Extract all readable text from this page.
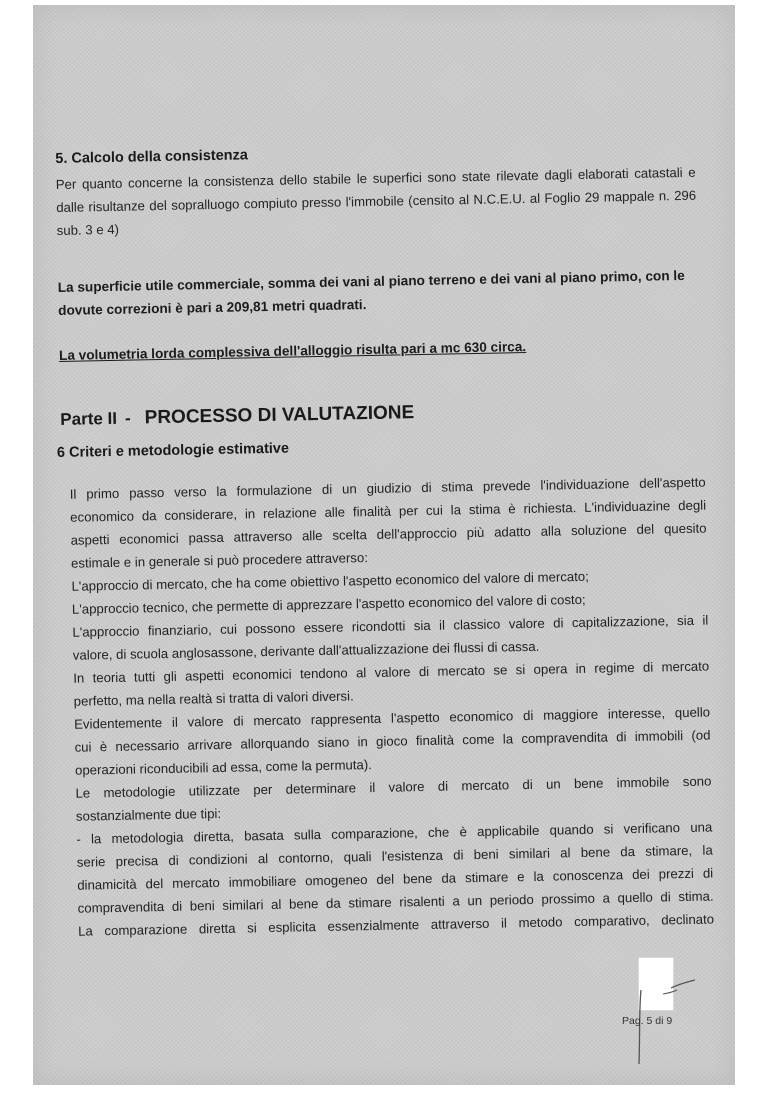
5. Calcolo della consistenza

Per quanto concerne la consistenza dello stabile le superfici sono state rilevate dagli elaborati catastali e dalle risultanze del sopralluogo compiuto presso l'immobile (censito al N.C.E.U. al Foglio 29 mappale n. 296 sub. 3 e 4)

La superficie utile commerciale, somma dei vani al piano terreno e dei vani al piano primo, con le dovute correzioni è pari a 209,81 metri quadrati.

La volumetria lorda complessiva dell'alloggio risulta pari a mc 630 circa.

Parte II - PROCESSO DI VALUTAZIONE
6 Criteri e metodologie estimative
Il primo passo verso la formulazione di un giudizio di stima prevede l'individuazione dell'aspetto
economico da considerare, in relazione alle finalità per cui la stima è richiesta. L'individuazine degli
aspetti economici passa attraverso alle scelta dell'approccio più adatto alla soluzione del quesito
estimale e in generale si può procedere attraverso:
L'approccio di mercato, che ha come obiettivo l'aspetto economico del valore di mercato;
L'approccio tecnico, che permette di apprezzare l'aspetto economico del valore di costo;
L'approccio finanziario, cui possono essere ricondotti sia il classico valore di capitalizzazione, sia il
valore, di scuola anglosassone, derivante dall'attualizzazione dei flussi di cassa.
In teoria tutti gli aspetti economici tendono al valore di mercato se si opera in regime di mercato
perfetto, ma nella realtà si tratta di valori diversi.
Evidentemente il valore di mercato rappresenta l'aspetto economico di maggiore interesse, quello
cui è necessario arrivare allorquando siano in gioco finalità come la compravendita di immobili (od
operazioni riconducibili ad essa, come la permuta).
Le metodologie utilizzate per determinare il valore di mercato di un bene immobile sono
sostanzialmente due tipi:
- la metodologia diretta, basata sulla comparazione, che è applicabile quando si verificano una
serie precisa di condizioni al contorno, quali l'esistenza di beni similari al bene da stimare, la
dinamicità del mercato immobiliare omogeneo del bene da stimare e la conoscenza dei prezzi di
compravendita di beni similari al bene da stimare risalenti a un periodo prossimo a quello di stima.
La comparazione diretta si esplicita essenzialmente attraverso il metodo comparativo, declinato
Pag. 5 di 9
